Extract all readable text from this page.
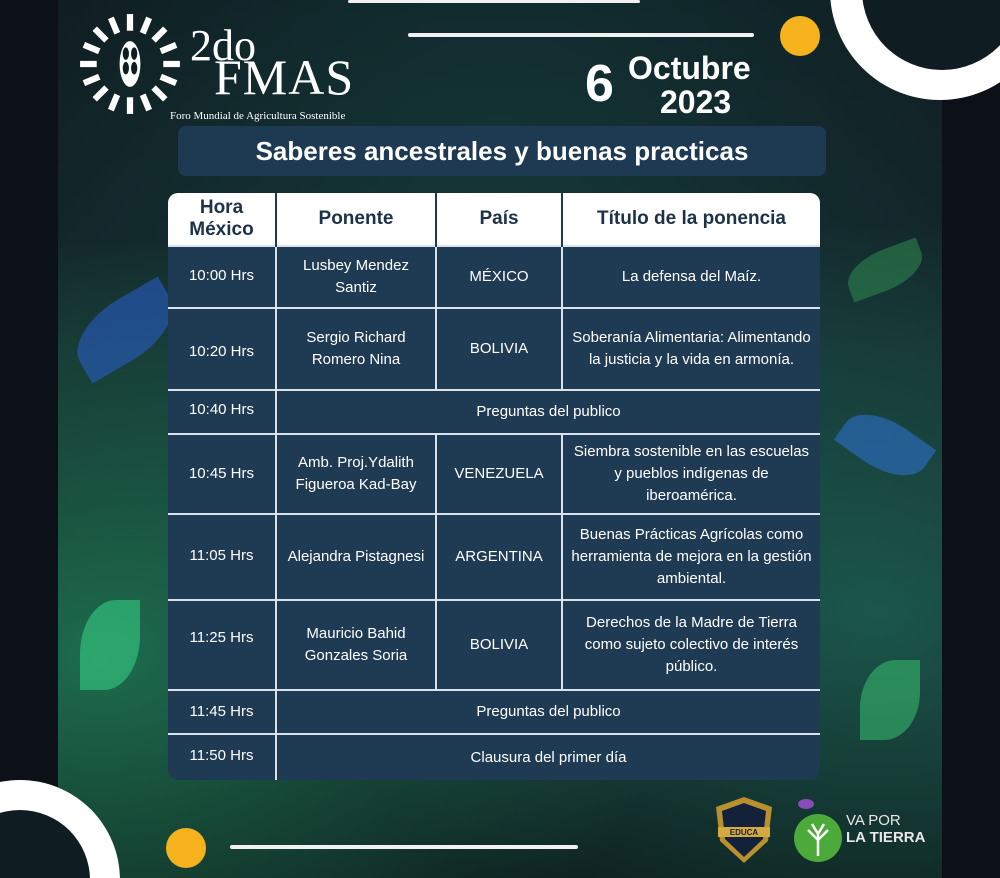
2do
FMAS
Foro Mundial de Agricultura Sostenible
6 Octubre
2023
Saberes ancestrales y buenas practicas
Hora México	Ponente	País	Título de la ponencia
10:00 Hrs	Lusbey Mendez Santiz	MÉXICO	La defensa del Maíz.
10:20 Hrs	Sergio Richard Romero Nina	BOLIVIA	Soberanía Alimentaria: Alimentando la justicia y la vida en armonía.
10:40 Hrs	Preguntas del publico		
10:45 Hrs	Amb. Proj.Ydalith Figueroa Kad-Bay	VENEZUELA	Siembra sostenible en las escuelas y pueblos indígenas de iberoamérica.
11:05 Hrs	Alejandra Pistagnesi	ARGENTINA	Buenas Prácticas Agrícolas como herramienta de mejora en la gestión ambiental.
11:25 Hrs	Mauricio Bahid Gonzales Soria	BOLIVIA	Derechos de la Madre de Tierra como sujeto colectivo de interés público.
11:45 Hrs	Preguntas del publico		
11:50 Hrs	Clausura del primer día		
EDUCA
VA POR
LA TIERRA
